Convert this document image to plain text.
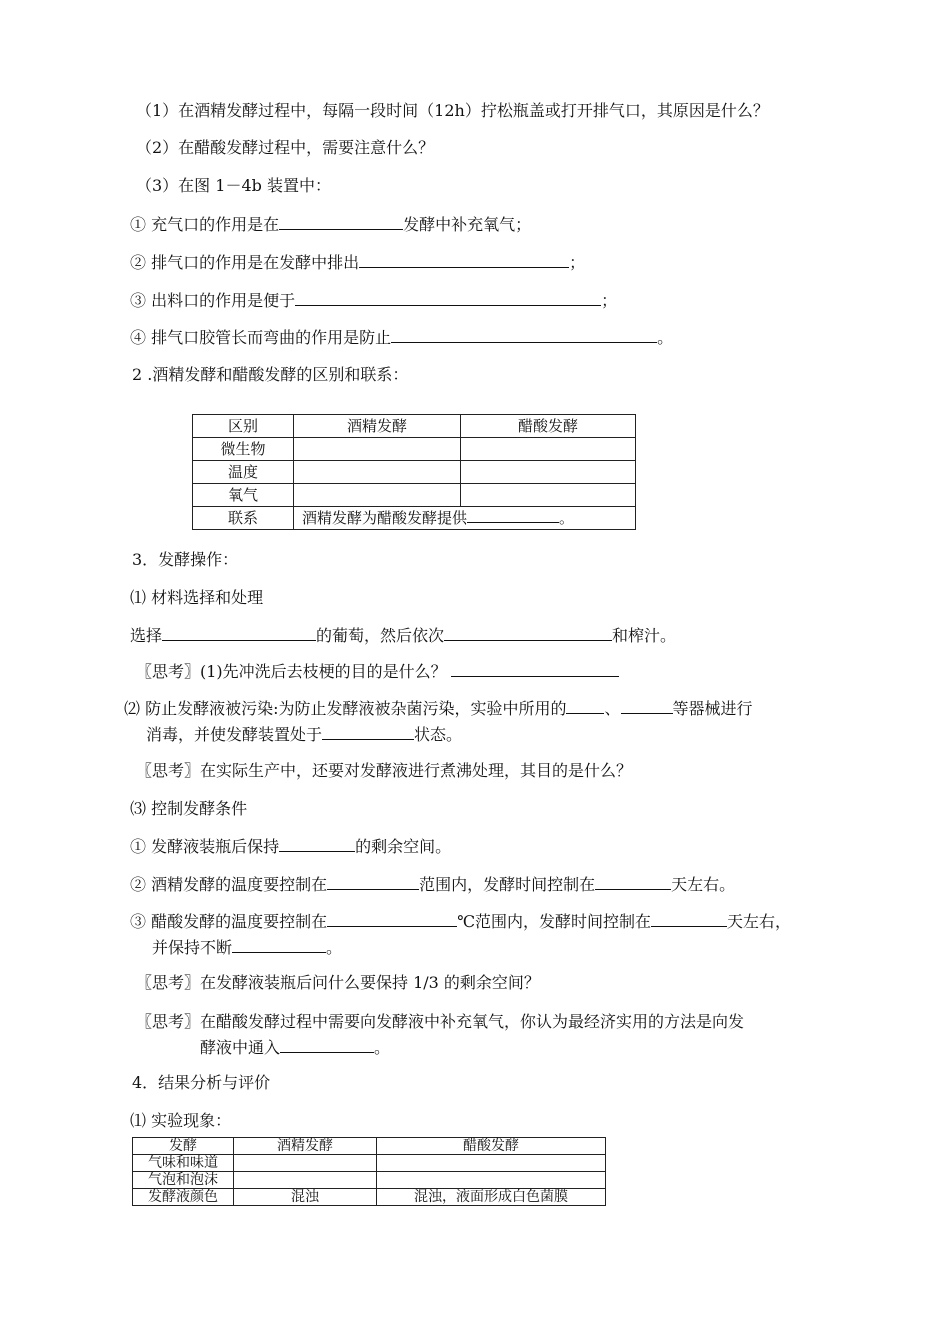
（1）在酒精发酵过程中，每隔一段时间（12h）拧松瓶盖或打开排气口，其原因是什么？
（2）在醋酸发酵过程中，需要注意什么？
（3）在图 1－4b 装置中：
① 充气口的作用是在	发酵中补充氧气；
② 排气口的作用是在发酵中排出	；
③ 出料口的作用是便于	；
④ 排气口胶管长而弯曲的作用是防止	。
2 .酒精发酵和醋酸发酵的区别和联系：
区别	酒精发酵	醋酸发酵
微生物		
温度		
氧气		
联系	酒精发酵为醋酸发酵提供 。	
3．发酵操作：
⑴ 材料选择和处理
选择	的葡萄，然后依次	和榨汁。
〖思考〗(1)先冲洗后去枝梗的目的是什么？
⑵ 防止发酵液被污染:为防止发酵液被杂菌污染，实验中所用的 、	等器械进行
消毒，并使发酵装置处于	状态。
〖思考〗在实际生产中，还要对发酵液进行煮沸处理，其目的是什么？
⑶ 控制发酵条件
① 发酵液装瓶后保持	的剩余空间。
② 酒精发酵的温度要控制在	范围内，发酵时间控制在	天左右。
③ 醋酸发酵的温度要控制在	℃范围内，发酵时间控制在	天左右，
并保持不断	。
〖思考〗在发酵液装瓶后问什么要保持 1/3 的剩余空间？
〖思考〗在醋酸发酵过程中需要向发酵液中补充氧气，你认为最经济实用的方法是向发
酵液中通入	。
4．结果分析与评价
⑴ 实验现象：
发酵	酒精发酵	醋酸发酵
气味和味道		
气泡和泡沫		
发酵液颜色	混浊	混浊，液面形成白色菌膜
